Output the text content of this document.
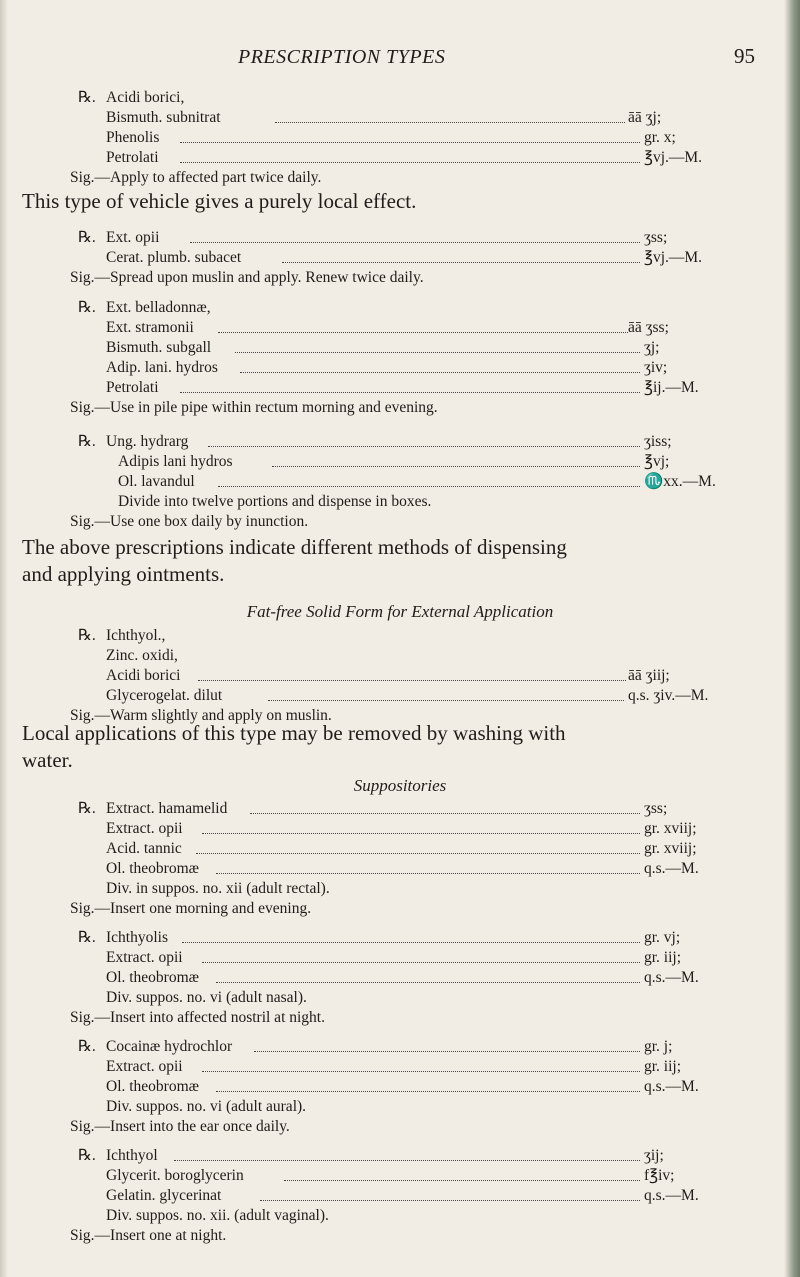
PRESCRIPTION TYPES	95
℞. Acidi borici,
Bismuth. subnitrat	āā ʒj;
Phenolis	gr. x;
Petrolati	℥vj.—M.
Sig.—Apply to affected part twice daily.
This type of vehicle gives a purely local effect.
℞. Ext. opii	ʒss;
Cerat. plumb. subacet	℥vj.—M.
Sig.—Spread upon muslin and apply. Renew twice daily.
℞. Ext. belladonnæ,
Ext. stramonii	āā ʒss;
Bismuth. subgall	ʒj;
Adip. lani. hydros	ʒiv;
Petrolati	℥ij.—M.
Sig.—Use in pile pipe within rectum morning and evening.
℞. Ung. hydrarg	ʒiss;
Adipis lani hydros	℥vj;
Ol. lavandul	♏xx.—M.
Divide into twelve portions and dispense in boxes.
Sig.—Use one box daily by inunction.
The above prescriptions indicate different methods of dispensing
and applying ointments.
Fat-free Solid Form for External Application
℞. Ichthyol.,
Zinc. oxidi,
Acidi borici	āā ʒiij;
Glycerogelat. dilut	q.s. ʒiv.—M.
Sig.—Warm slightly and apply on muslin.
Local applications of this type may be removed by washing with
water.
Suppositories
℞. Extract. hamamelid	ʒss;
Extract. opii	gr. xviij;
Acid. tannic	gr. xviij;
Ol. theobromæ	q.s.—M.
Div. in suppos. no. xii (adult rectal).
Sig.—Insert one morning and evening.
℞. Ichthyolis	gr. vj;
Extract. opii	gr. iij;
Ol. theobromæ	q.s.—M.
Div. suppos. no. vi (adult nasal).
Sig.—Insert into affected nostril at night.
℞. Cocainæ hydrochlor	gr. j;
Extract. opii	gr. iij;
Ol. theobromæ	q.s.—M.
Div. suppos. no. vi (adult aural).
Sig.—Insert into the ear once daily.
℞. Ichthyol	ʒij;
Glycerit. boroglycerin	f℥iv;
Gelatin. glycerinat	q.s.—M.
Div. suppos. no. xii. (adult vaginal).
Sig.—Insert one at night.
